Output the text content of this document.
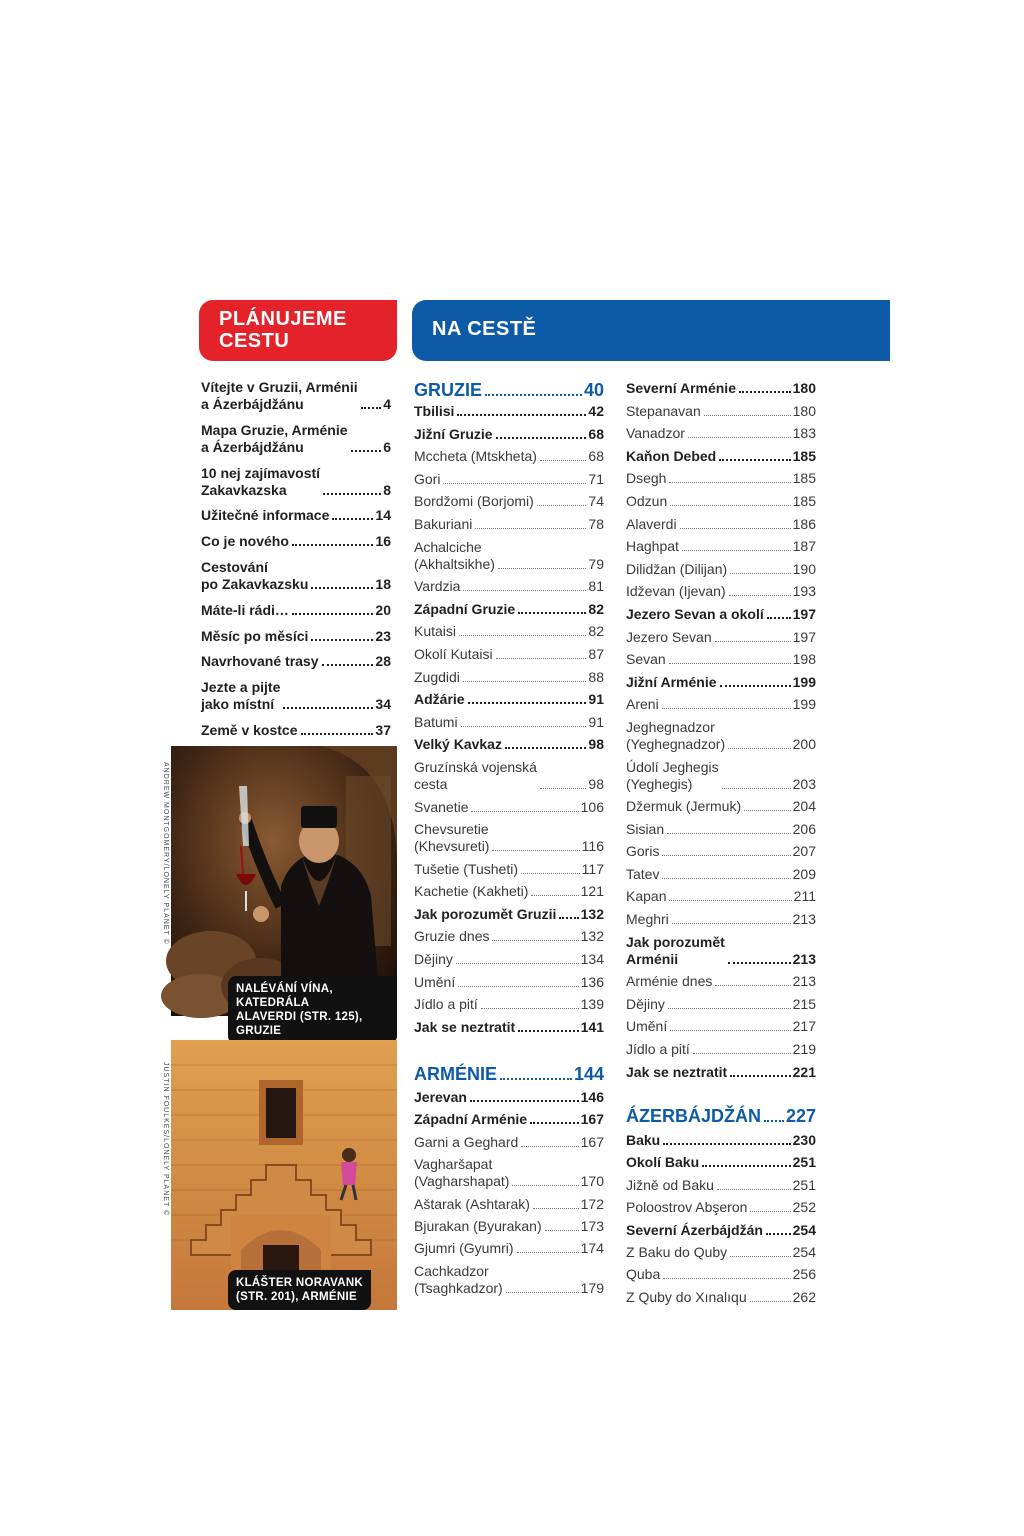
PLÁNUJEME
CESTU
NA CESTĚ
Vítejte v Gruzii, Arménii
a Ázerbájdžánu	4
Mapa Gruzie, Arménie
a Ázerbájdžánu	6
10 nej zajímavostí
Zakavkazska	8
Užitečné informace	14
Co je nového	16
Cestování
po Zakavkazsku	18
Máte-li rádi…	20
Měsíc po měsíci	23
Navrhované trasy	28
Jezte a pijte
jako místní	34
Země v kostce	37
GRUZIE	40
Tbilisi	42
Jižní Gruzie	68
Mccheta (Mtskheta)	68
Gori	71
Bordžomi (Borjomi)	74
Bakuriani	78
Achalciche
(Akhaltsikhe)	79
Vardzia	81
Západní Gruzie	82
Kutaisi	82
Okolí Kutaisi	87
Zugdidi	88
Adžárie	91
Batumi	91
Velký Kavkaz	98
Gruzínská vojenská
cesta	98
Svanetie	106
Chevsuretie
(Khevsureti)	116
Tušetie (Tusheti)	117
Kachetie (Kakheti)	121
Jak porozumět Gruzii 132
Gruzie dnes	132
Dějiny	134
Umění	136
Jídlo a pití	139
Jak se neztratit	141
ARMÉNIE	144
Jerevan	146
Západní Arménie	167
Garni a Geghard	167
Vagharšapat
(Vagharshapat)	170
Aštarak (Ashtarak)	172
Bjurakan (Byurakan)	173
Gjumri (Gyumri)	174
Cachkadzor
(Tsaghkadzor)	179
Severní Arménie	180
Stepanavan	180
Vanadzor	183
Kaňon Debed	185
Dsegh	185
Odzun	185
Alaverdi	186
Haghpat	187
Dilidžan (Dilijan)	190
Idževan (Ijevan)	193
Jezero Sevan a okolí 197
Jezero Sevan	197
Sevan	198
Jižní Arménie	199
Areni	199
Jeghegnadzor
(Yeghegnadzor)	200
Údolí Jeghegis
(Yeghegis)	203
Džermuk (Jermuk)	204
Sisian	206
Goris	207
Tatev	209
Kapan	211
Meghri	213
Jak porozumět
Arménii	213
Arménie dnes	213
Dějiny	215
Umění	217
Jídlo a pití	219
Jak se neztratit	221
ÁZERBÁJDŽÁN 227
Baku	230
Okolí Baku	251
Jižně od Baku	251
Poloostrov Abşeron	252
Severní Ázerbájdžán 254
Z Baku do Quby	254
Quba	256
Z Quby do Xınalıqu	262
NALÉVÁNÍ VÍNA, KATEDRÁLA
ALAVERDI (STR. 125), GRUZIE
ANDREW MONTGOMERY/LONELY PLANET ©
KLÁŠTER NORAVANK
(STR. 201), ARMÉNIE
JUSTIN FOULKES/LONELY PLANET ©
